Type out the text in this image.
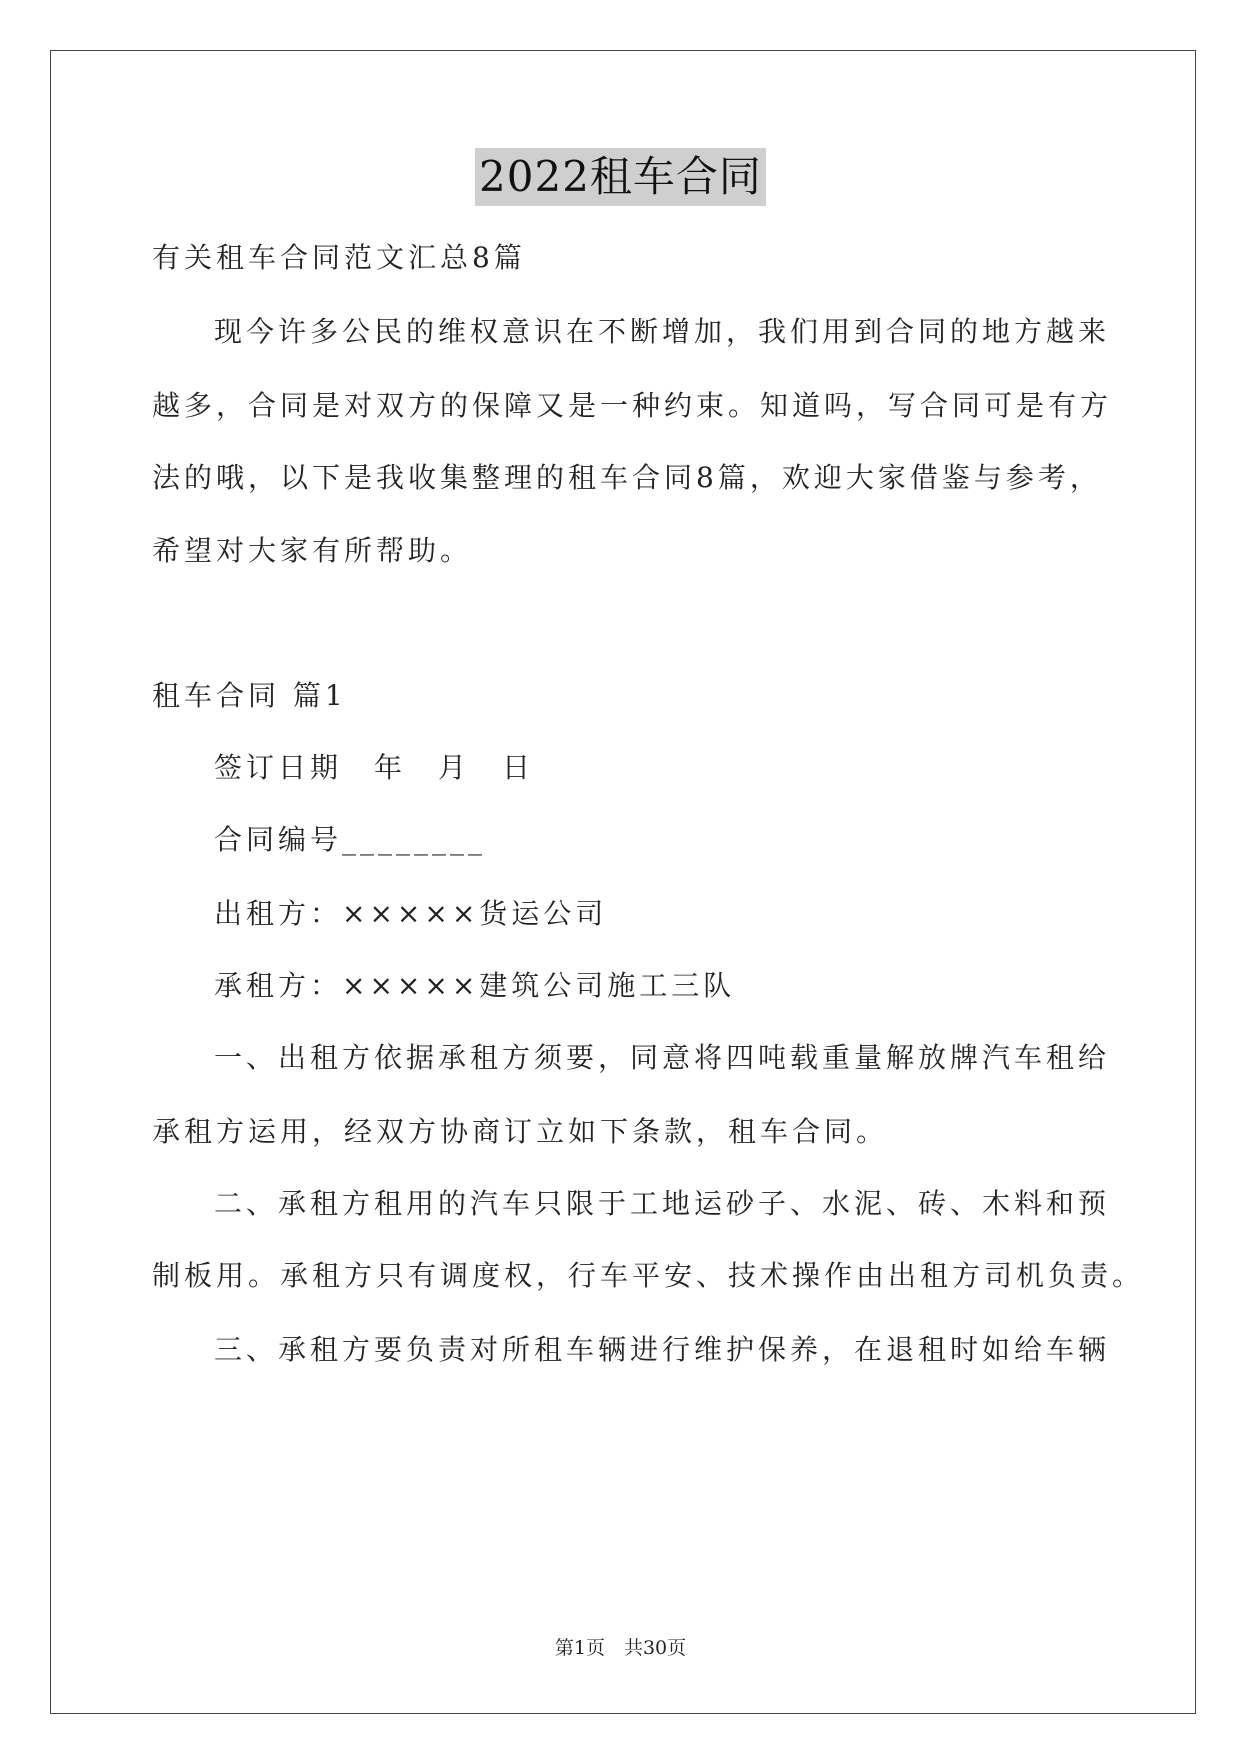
2022租车合同
有关租车合同范文汇总8篇
现今许多公民的维权意识在不断增加，我们用到合同的地方越来
越多，合同是对双方的保障又是一种约束。知道吗，写合同可是有方
法的哦，以下是我收集整理的租车合同8篇，欢迎大家借鉴与参考，
希望对大家有所帮助。
租车合同 篇1
签订日期　年　月　日
合同编号________
出租方：×××××货运公司
承租方：×××××建筑公司施工三队
一、出租方依据承租方须要，同意将四吨载重量解放牌汽车租给
承租方运用，经双方协商订立如下条款，租车合同。
二、承租方租用的汽车只限于工地运砂子、水泥、砖、木料和预
制板用。承租方只有调度权，行车平安、技术操作由出租方司机负责。
三、承租方要负责对所租车辆进行维护保养，在退租时如给车辆
第1页　共30页
